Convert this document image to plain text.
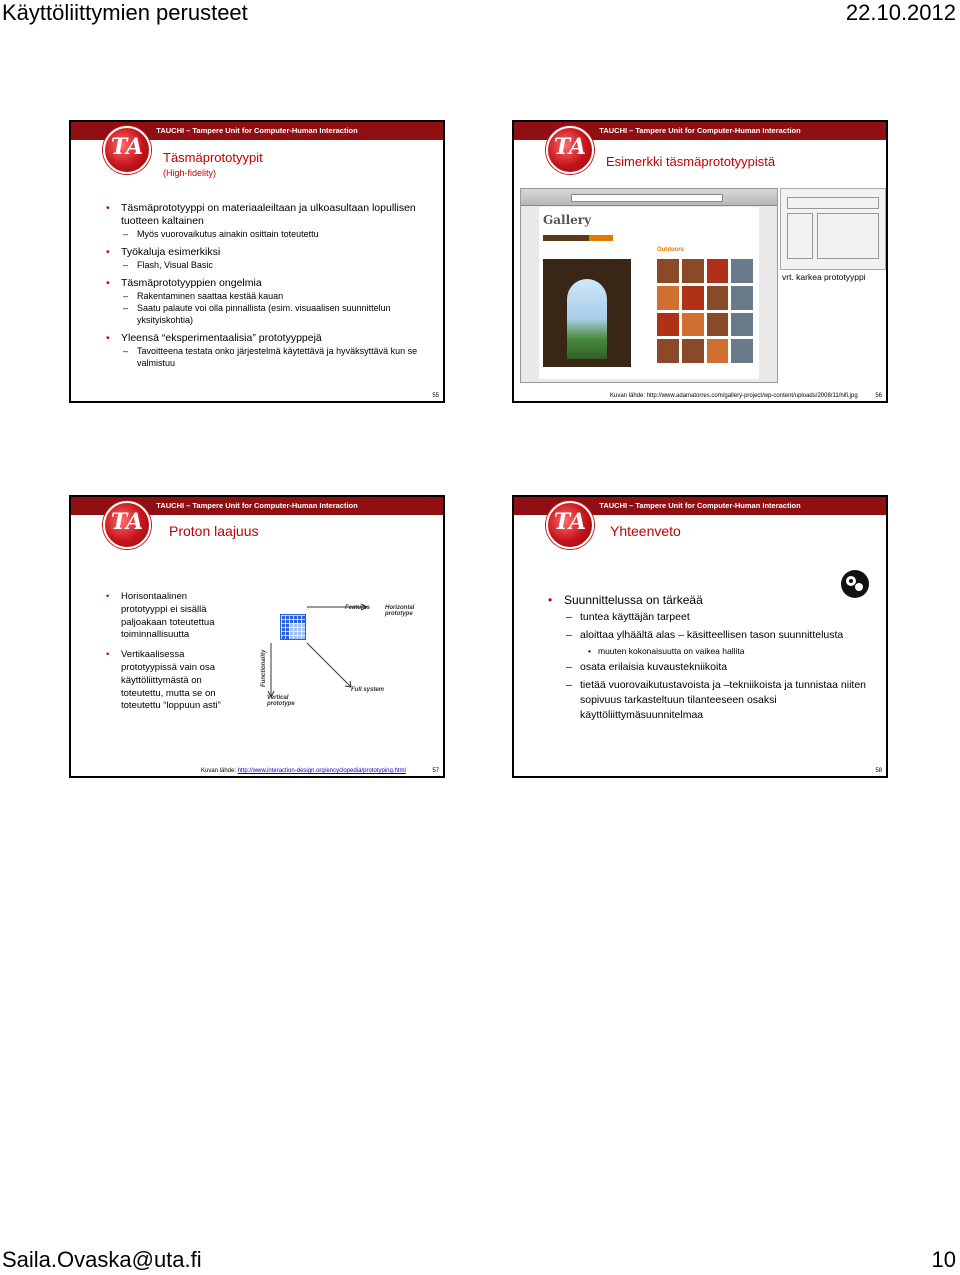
Käyttöliittymien perusteet	22.10.2012
TAUCHI – Tampere Unit for Computer-Human Interaction
TA	Täsmäprototyypit
(High-fidelity)
• Täsmäprototyyppi on materiaaleiltaan ja ulkoasultaan lopullisen tuotteen kaltainen
– Myös vuorovaikutus ainakin osittain toteutettu
• Työkaluja esimerkiksi
– Flash, Visual Basic
• Täsmäprototyyppien ongelmia
– Rakentaminen saattaa kestää kauan
– Saatu palaute voi olla pinnallista (esim. visuaalisen suunnittelun yksityiskohtia)
• Yleensä “eksperimentaalisia” prototyyppejä
– Tavoitteena testata onko järjestelmä käytettävä ja hyväksyttävä kun se valmistuu
55
TAUCHI – Tampere Unit for Computer-Human Interaction
TA
Esimerkki täsmäprototyypistä
Gallery
Outdoors
vrt. karkea prototyyppi
Kuvan lähde: http://www.adamatorres.com/gallery-project/wp-content/uploads/2008/11/hifi.jpg	56
TAUCHI – Tampere Unit for Computer-Human Interaction
TA	Proton laajuus
• Horisontaalinen prototyyppi ei sisällä paljoakaan toteutettua toiminnallisuutta
• Vertikaalisessa prototyypissä vain osa käyttöliittymästä on toteutettu, mutta se on toteutettu “loppuun asti”
Features Horizontal prototype
Functionality
Vertical prototype
Full system
Kuvan lähde: http://www.interaction-design.org/encyclopedia/prototyping.html	57
TAUCHI – Tampere Unit for Computer-Human Interaction
TA	Yhteenveto
• Suunnittelussa on tärkeää
– tuntea käyttäjän tarpeet
– aloittaa ylhäältä alas – käsitteellisen tason suunnittelusta
• muuten kokonaisuutta on vaikea hallita
– osata erilaisia kuvaustekniikoita
– tietää vuorovaikutustavoista ja –tekniikoista ja tunnistaa niiten sopivuus tarkasteltuun tilanteeseen osaksi käyttöliittymäsuunnitelmaa
58
Saila.Ovaska@uta.fi	10
